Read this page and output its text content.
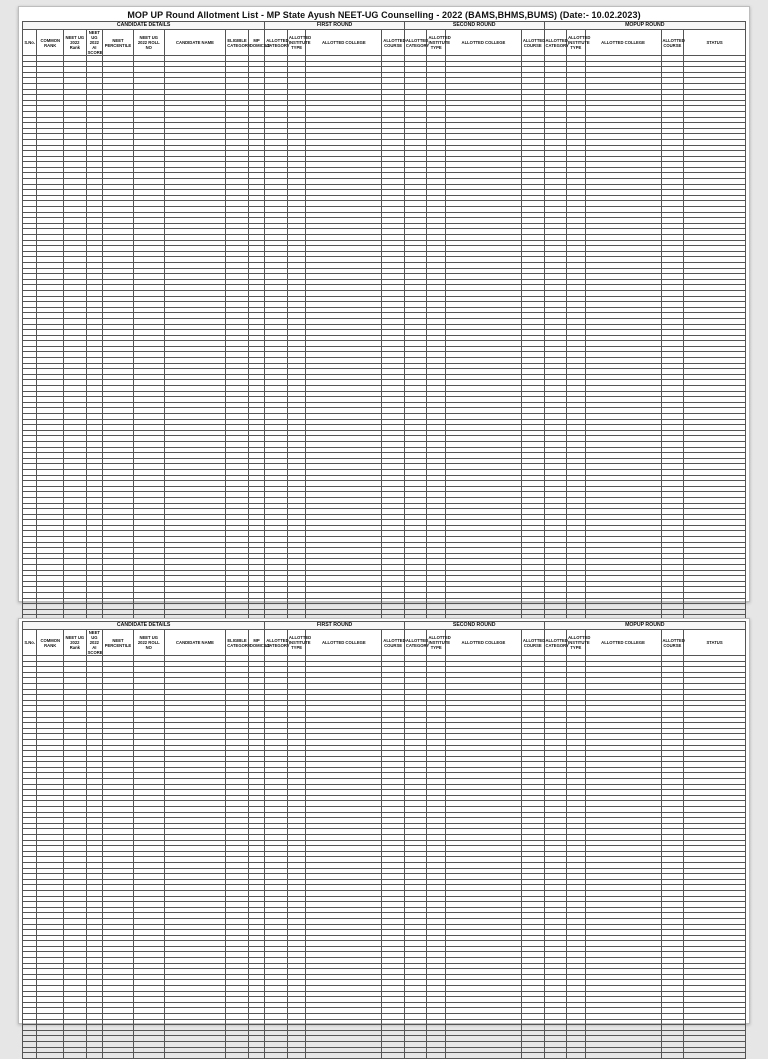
MOP UP Round Allotment List - MP State Ayush NEET-UG Counselling - 2022 (BAMS,BHMS,BUMS) (Date:- 10.02.2023)
CANDIDATE DETAILS									FIRST ROUND				SECOND ROUND				MOPUP ROUND				
S.No.	COMMON RANK	NEET UG 2022 Rank	NEET UG 2022 AI SCORE	NEET PERCENTILE	NEET UG 2022 ROLL NO	CANDIDATE NAME	ELIGIBLE CATEGORY	MP DOMICILE	ALLOTTED CATEGORY	ALLOTTED INSTITUTE TYPE	ALLOTTED COLLEGE	ALLOTTED COURSE	ALLOTTED CATEGORY	ALLOTTED INSTITUTE TYPE	ALLOTTED COLLEGE	ALLOTTED COURSE	ALLOTTED CATEGORY	ALLOTTED INSTITUTE TYPE	ALLOTTED COLLEGE	ALLOTTED COURSE	STATUS

CANDIDATE DETAILS									FIRST ROUND				SECOND ROUND				MOPUP ROUND				
S.No.	COMMON RANK	NEET UG 2022 Rank	NEET UG 2022 AI SCORE	NEET PERCENTILE	NEET UG 2022 ROLL NO	CANDIDATE NAME	ELIGIBLE CATEGORY	MP DOMICILE	ALLOTTED CATEGORY	ALLOTTED INSTITUTE TYPE	ALLOTTED COLLEGE	ALLOTTED COURSE	ALLOTTED CATEGORY	ALLOTTED INSTITUTE TYPE	ALLOTTED COLLEGE	ALLOTTED COURSE	ALLOTTED CATEGORY	ALLOTTED INSTITUTE TYPE	ALLOTTED COLLEGE	ALLOTTED COURSE	STATUS
